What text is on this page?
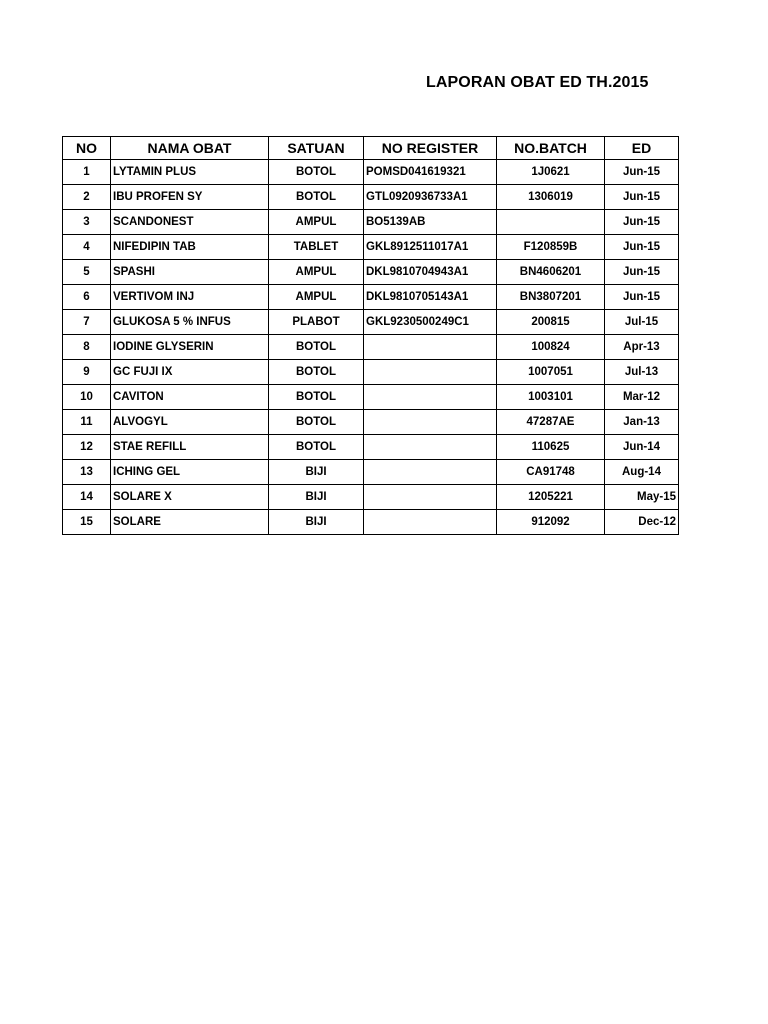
LAPORAN OBAT ED TH.2015
NO	NAMA OBAT	SATUAN	NO REGISTER	NO.BATCH	ED
1	LYTAMIN PLUS	BOTOL	POMSD041619321	1J0621	Jun-15
2	IBU PROFEN SY	BOTOL	GTL0920936733A1	1306019	Jun-15
3	SCANDONEST	AMPUL	BO5139AB		Jun-15
4	NIFEDIPIN TAB	TABLET	GKL8912511017A1	F120859B	Jun-15
5	SPASHI	AMPUL	DKL9810704943A1	BN4606201	Jun-15
6	VERTIVOM INJ	AMPUL	DKL9810705143A1	BN3807201	Jun-15
7	GLUKOSA 5 % INFUS	PLABOT	GKL9230500249C1	200815	Jul-15
8	IODINE GLYSERIN	BOTOL		100824	Apr-13
9	GC FUJI IX	BOTOL		1007051	Jul-13
10	CAVITON	BOTOL		1003101	Mar-12
11	ALVOGYL	BOTOL		47287AE	Jan-13
12	STAE REFILL	BOTOL		110625	Jun-14
13	ICHING GEL	BIJI		CA91748	Aug-14
14	SOLARE X	BIJI		1205221	May-15
15	SOLARE	BIJI		912092	Dec-12
